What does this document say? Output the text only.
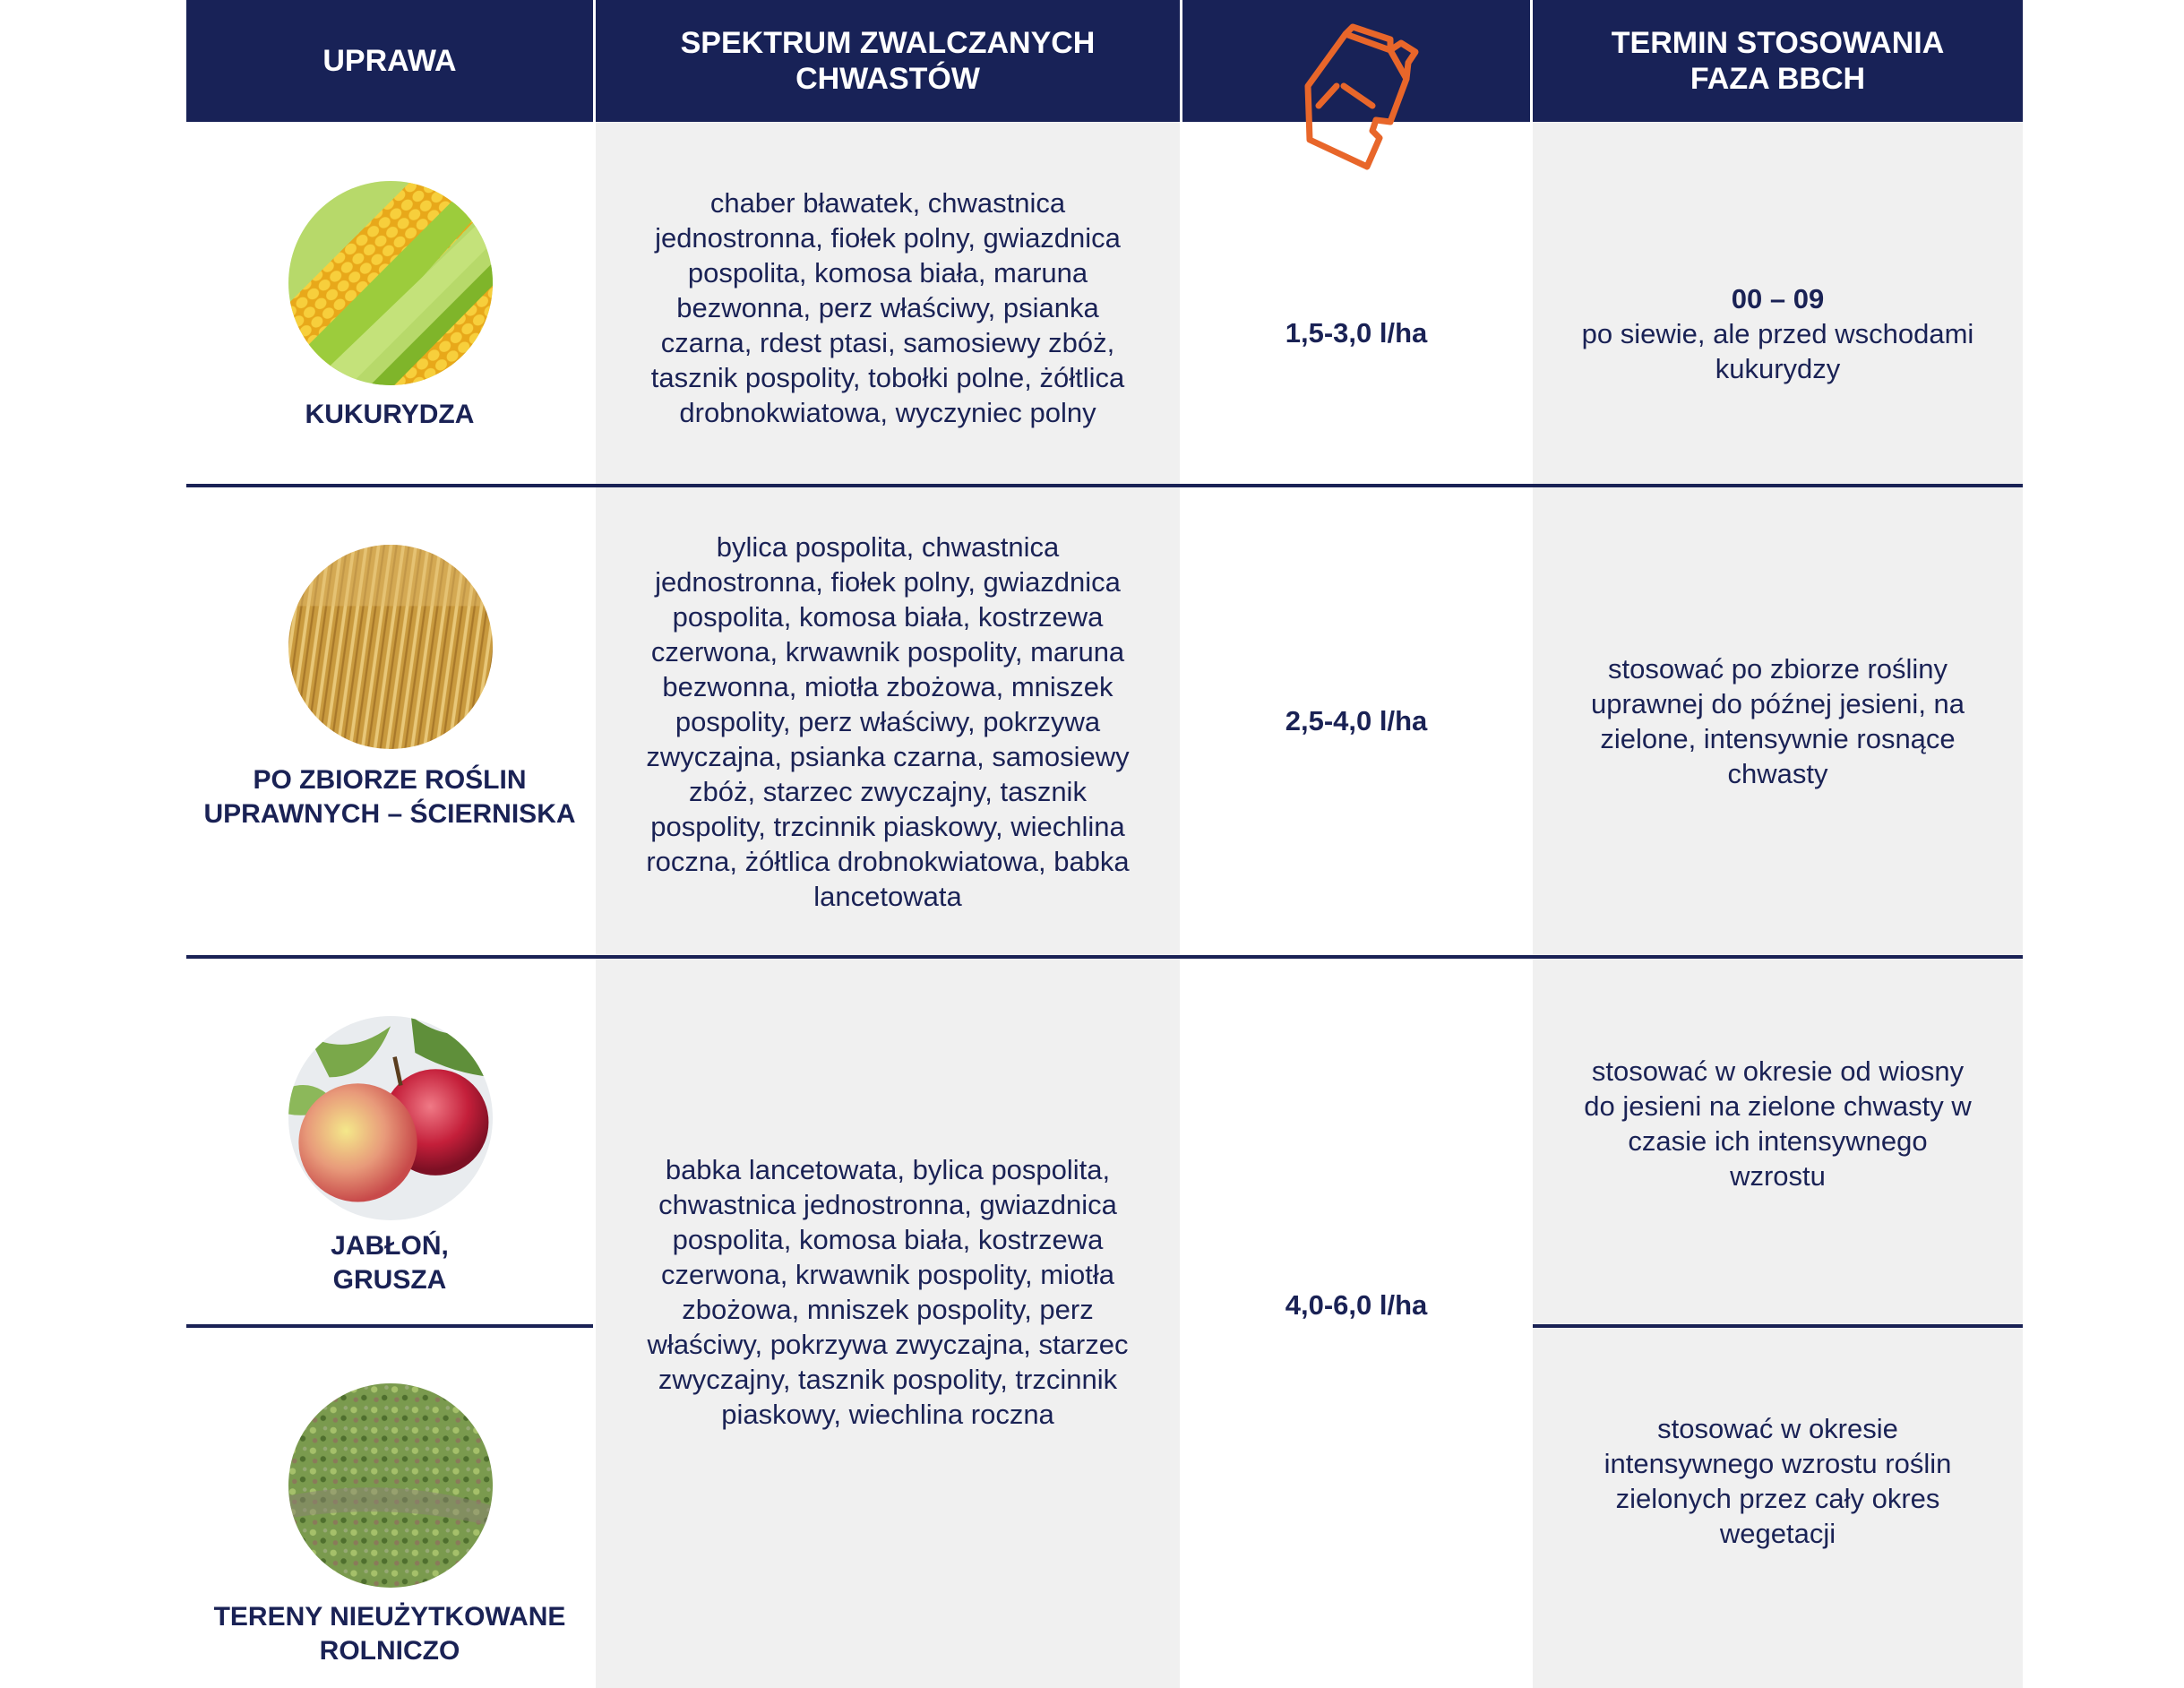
UPRAWA
SPEKTRUM ZWALCZANYCH
CHWASTÓW
TERMIN STOSOWANIA
FAZA BBCH
KUKURYDZA
chaber bławatek, chwastnica jednostronna, fiołek polny, gwiazdnica pospolita, komosa biała, maruna bezwonna, perz właściwy, psianka czarna, rdest ptasi, samosiewy zbóż, tasznik pospolity, tobołki polne, żółtlica drobnokwiatowa, wyczyniec polny
1,5-3,0 l/ha
00 – 09
po siewie, ale przed wschodami kukurydzy
PO ZBIORZE ROŚLIN
UPRAWNYCH – ŚCIERNISKA
bylica pospolita, chwastnica jednostronna, fiołek polny, gwiazdnica pospolita, komosa biała, kostrzewa czerwona, krwawnik pospolity, maruna bezwonna, miotła zbożowa, mniszek pospolity, perz właściwy, pokrzywa zwyczajna, psianka czarna, samosiewy zbóż, starzec zwyczajny, tasznik pospolity, trzcinnik piaskowy, wiechlina roczna, żółtlica drobnokwiatowa, babka lancetowata
2,5-4,0 l/ha
stosować po zbiorze rośliny uprawnej do późnej jesieni, na zielone, intensywnie rosnące chwasty
JABŁOŃ,
GRUSZA
stosować w okresie od wiosny do jesieni na zielone chwasty w czasie ich intensywnego wzrostu
TERENY NIEUŻYTKOWANE
ROLNICZO
stosować w okresie intensywnego wzrostu roślin zielonych przez cały okres wegetacji
babka lancetowata, bylica pospolita, chwastnica jednostronna, gwiazdnica pospolita, komosa biała, kostrzewa czerwona, krwawnik pospolity, miotła zbożowa, mniszek pospolity, perz właściwy, pokrzywa zwyczajna, starzec zwyczajny, tasznik pospolity, trzcinnik piaskowy, wiechlina roczna
4,0-6,0 l/ha
